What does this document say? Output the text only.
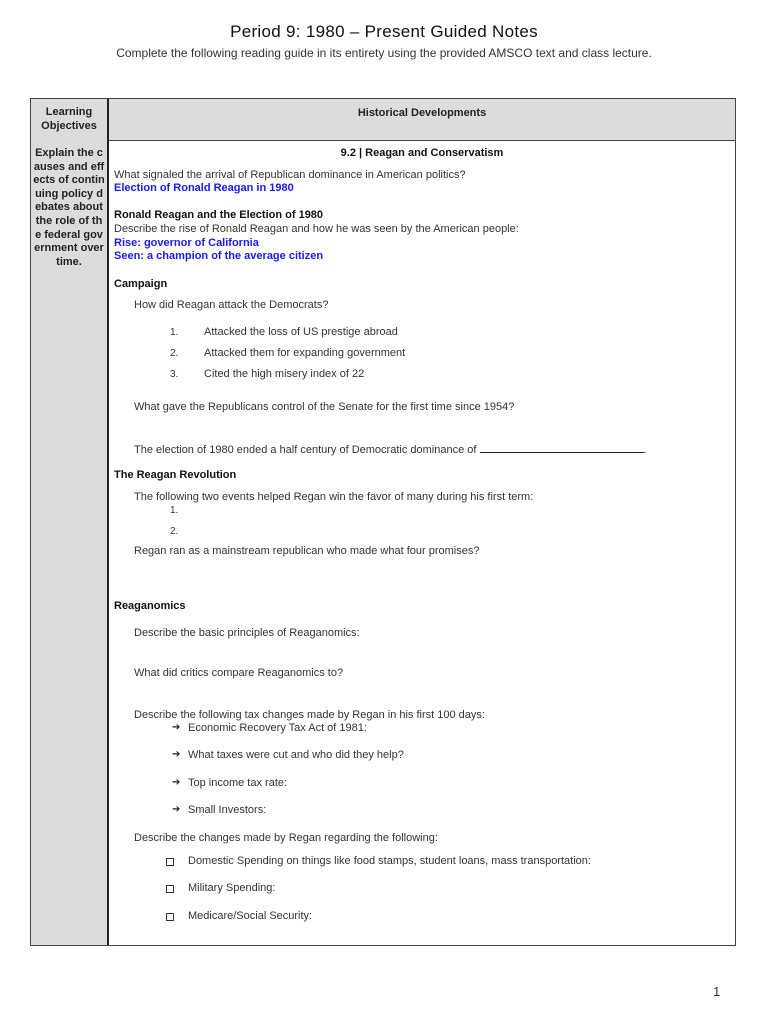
Period 9: 1980 – Present Guided Notes
Complete the following reading guide in its entirety using the provided AMSCO text and class lecture.
Learning Objectives
Historical Developments
Explain the causes and effects of continuing policy debates about the role of the federal government over time.
9.2 | Reagan and Conservatism
What signaled the arrival of Republican dominance in American politics?
Election of Ronald Reagan in 1980
Ronald Reagan and the Election of 1980
Describe the rise of Ronald Reagan and how he was seen by the American people:
Rise: governor of California
Seen: a champion of the average citizen
Campaign
How did Reagan attack the Democrats?
1. Attacked the loss of US prestige abroad
2. Attacked them for expanding government
3. Cited the high misery index of 22
What gave the Republicans control of the Senate for the first time since 1954?
The election of 1980 ended a half century of Democratic dominance of	.
The Reagan Revolution
The following two events helped Regan win the favor of many during his first term:
1.
2.
Regan ran as a mainstream republican who made what four promises?
Reaganomics
Describe the basic principles of Reaganomics:
What did critics compare Reaganomics to?
Describe the following tax changes made by Regan in his first 100 days:
➔ Economic Recovery Tax Act of 1981:
➔ What taxes were cut and who did they help?
➔ Top income tax rate:
➔ Small Investors:
Describe the changes made by Regan regarding the following:
Domestic Spending on things like food stamps, student loans, mass transportation:
Military Spending:
Medicare/Social Security:
1
